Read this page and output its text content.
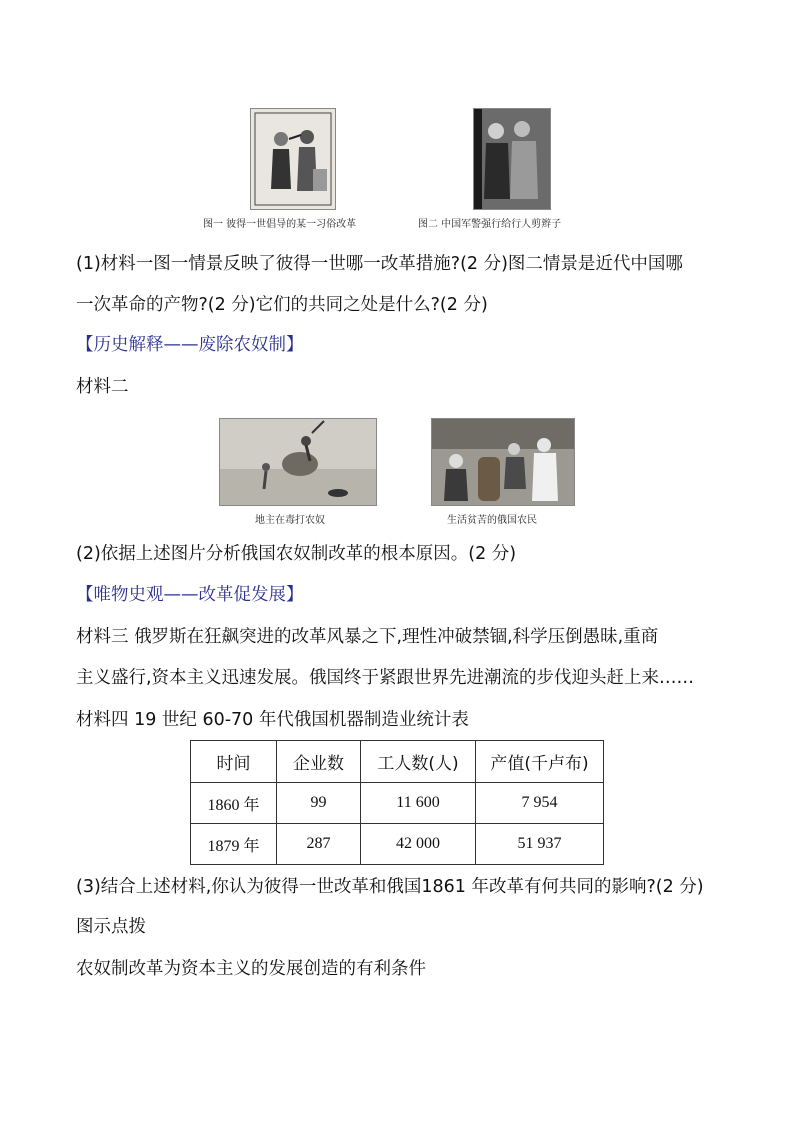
图一 彼得一世倡导的某一习俗改革	图二 中国军警强行给行人剪辫子
(1)材料一图一情景反映了彼得一世哪一改革措施?(2 分)图二情景是近代中国哪
一次革命的产物?(2 分)它们的共同之处是什么?(2 分)
【历史解释——废除农奴制】
材料二
地主在毒打农奴	生活贫苦的俄国农民
(2)依据上述图片分析俄国农奴制改革的根本原因。(2 分)
【唯物史观——改革促发展】
材料三 俄罗斯在狂飙突进的改革风暴之下,理性冲破禁锢,科学压倒愚昧,重商
主义盛行,资本主义迅速发展。俄国终于紧跟世界先进潮流的步伐迎头赶上来……
材料四 19 世纪 60-70 年代俄国机器制造业统计表
时间	企业数	工人数(人)	产值(千卢布)
1860 年	99	11 600	7 954
1879 年	287	42 000	51 937
(3)结合上述材料,你认为彼得一世改革和俄国1861 年改革有何共同的影响?(2 分)
图示点拨
农奴制改革为资本主义的发展创造的有利条件
